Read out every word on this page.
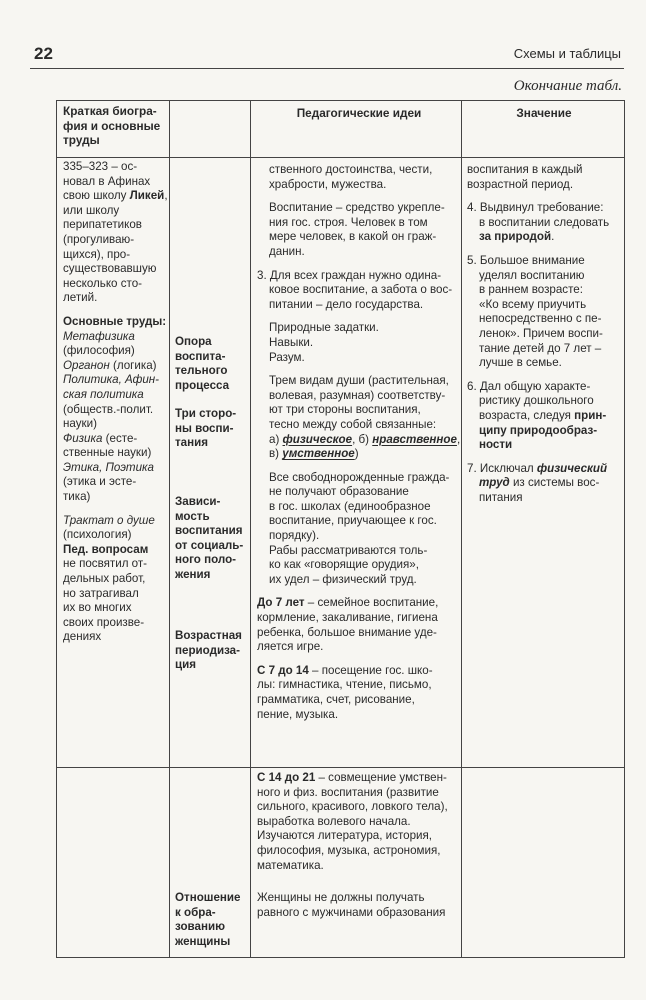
22	Схемы и таблицы
Окончание табл.
Краткая биогра-
фия и основные
труды
Педагогические идеи	Значение
335–323 – ос-
новал в Афинах
свою школу Ликей, или школу
перипатетиков
(прогуливаю-
щихся), про-
существовавшую
несколько сто-
летий.
Основные труды:
Метафизика
(философия)
Органон (логика)
Политика, Афин-
ская политика
(обществ.-полит.
науки)
Физика (есте-
ственные науки)
Этика, Поэтика
(этика и эсте-
тика)
Трактат о душе
(психология)
Пед. вопросам
не посвятил от-
дельных работ,
но затрагивал
их во многих
своих произве-
дениях
Опора
воспита-
тельного
процесса
Три сторо-
ны воспи-
тания
Зависи-
мость
воспитания
от социаль-
ного поло-
жения
Возрастная
периодиза-
ция
Отношение
к обра-
зованию
женщины

ственного достоинства, чести,
храбрости, мужества.

Воспитание – средство укрепле-
ния гос. строя. Человек в том
мере человек, в какой он граж-
данин.

3. Для всех граждан нужно одина-
ковое воспитание, а забота о вос-
питании – дело государства.

Природные задатки.
Навыки.
Разум.

Трем видам души (растительная,
волевая, разумная) соответству-
ют три стороны воспитания,
тесно между собой связанные:
а) физическое, б) нравственное,
в) умственное)

Все свободнорожденные гражда-
не получают образование
в гос. школах (единообразное
воспитание, приучающее к гос.
порядку).
Рабы рассматриваются толь-
ко как «говорящие орудия»,
их удел – физический труд.

До 7 лет – семейное воспитание,
кормление, закаливание, гигиена
ребенка, большое внимание уде-
ляется игре.

С 7 до 14 – посещение гос. шко-
лы: гимнастика, чтение, письмо,
грамматика, счет, рисование,
пение, музыка.

С 14 до 21 – совмещение умствен-
ного и физ. воспитания (развитие
сильного, красивого, ловкого тела),
выработка волевого начала.
Изучаются литература, история,
философия, музыка, астрономия,
математика.

Женщины не должны получать
равного с мужчинами образования

воспитания в каждый
возрастной период.

4. Выдвинул требование:
в воспитании следовать
за природой.

5. Большое внимание
уделял воспитанию
в раннем возрасте:
«Ко всему приучить
непосредственно с пе-
ленок». Причем воспи-
тание детей до 7 лет –
лучше в семье.

6. Дал общую характе-
ристику дошкольного
возраста, следуя прин-
ципу природообраз-
ности

7. Исключал физический
труд из системы вос-
питания
